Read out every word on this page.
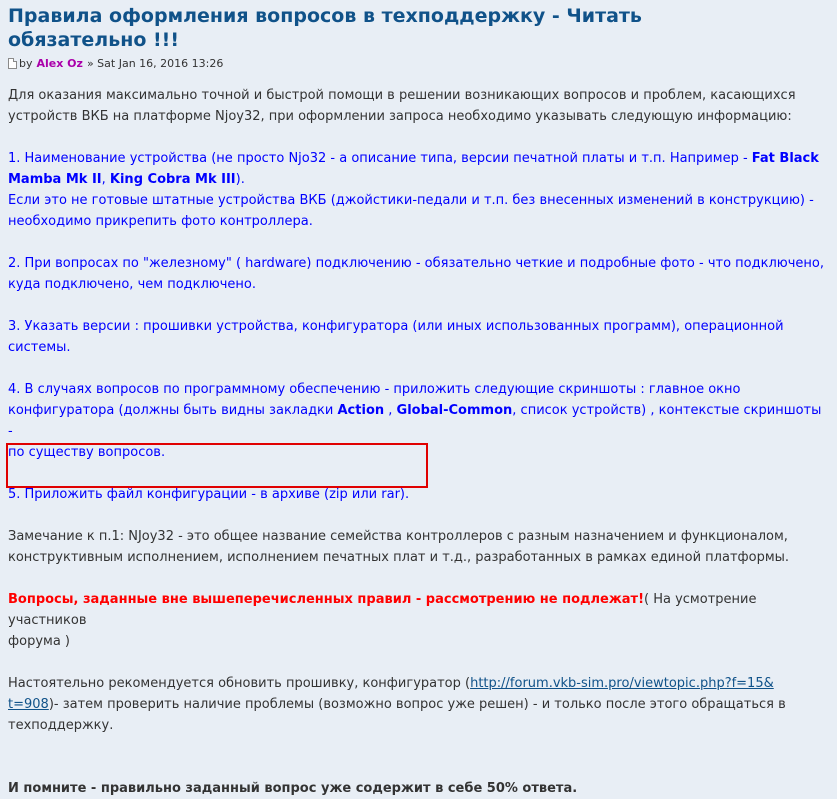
Правила оформления вопросов в техподдержку - Читать
обязательно !!!
by Alex Oz »
Sat Jan 16, 2016 13:26

Для оказания максимально точной и быстрой помощи в решении возникающих вопросов и проблем, касающихся
устройств ВКБ на платформе Njoy32, при оформлении запроса необходимо указывать следующую информацию:

1. Наименование устройства (не просто Njo32 - а описание типа, версии печатной платы и т.п. Например - Fat Black
Mamba Mk II, King Cobra Mk III).
Если это не готовые штатные устройства ВКБ (джойстики-педали и т.п. без внесенных изменений в конструкцию) -
необходимо прикрепить фото контроллера.

2. При вопросах по "железному" ( hardware) подключению - обязательно четкие и подробные фото - что подключено,
куда подключено, чем подключено.

3. Указать версии : прошивки устройства, конфигуратора (или иных использованных программ), операционной
системы.

4. В случаях вопросов по программному обеспечению - приложить следующие скриншоты : главное окно
конфигуратора (должны быть видны закладки Action , Global-Common, список устройств) , контекстые скриншоты -
по существу вопросов.

5. Приложить файл конфигурации - в архиве (zip или rar).

Замечание к п.1: NJoy32 - это общее название семейства контроллеров с разным назначением и функционалом,
конструктивным исполнением, исполнением печатных плат и т.д., разработанных в рамках единой платформы.

Вопросы, заданные вне вышеперечисленных правил - рассмотрению не подлежат!( На усмотрение участников
форума )

Настоятельно рекомендуется обновить прошивку, конфигуратор (http://forum.vkb-sim.pro/viewtopic.php?f=15&
t=908)- затем проверить наличие проблемы (возможно вопрос уже решен) - и только после этого обращаться в
техподдержку.

И помните - правильно заданный вопрос уже содержит в себе 50% ответа.
